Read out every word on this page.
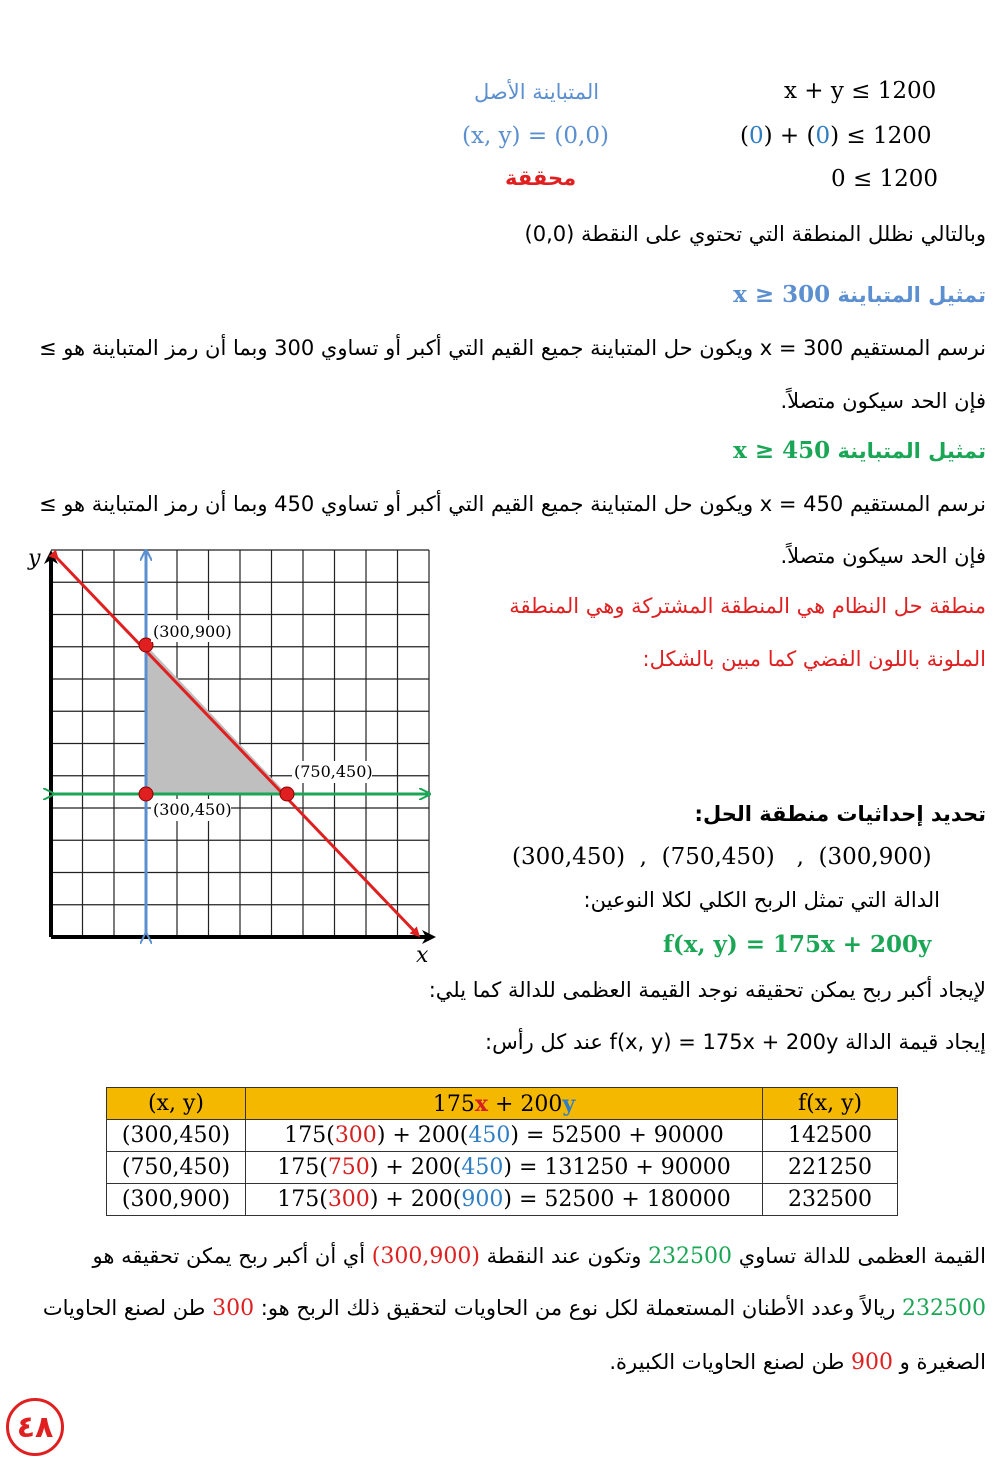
x + y ≤ 1200
المتباينة الأصل
(0) + (0) ≤ 1200
(x, y) = (0,0)
0 ≤ 1200
محققة
وبالتالي نظلل المنطقة التي تحتوي على النقطة (0,0)
تمثيل المتباينة x ≥ 300
نرسم المستقيم x = 300 ويكون حل المتباينة جميع القيم التي أكبر أو تساوي 300 وبما أن رمز المتباينة هو ≥
فإن الحد سيكون متصلاً.
تمثيل المتباينة x ≥ 450
نرسم المستقيم x = 450 ويكون حل المتباينة جميع القيم التي أكبر أو تساوي 450 وبما أن رمز المتباينة هو ≥
فإن الحد سيكون متصلاً.
منطقة حل النظام هي المنطقة المشتركة وهي المنطقة
الملونة باللون الفضي كما مبين بالشكل:
(300,900)
(750,450)
(300,450)
y
x
تحديد إحداثيات منطقة الحل:
(300,450)  ,  (750,450)   ,  (300,900)
الدالة التي تمثل الربح الكلي لكلا النوعين:
f(x, y) = 175x + 200y
لإيجاد أكبر ربح يمكن تحقيقه نوجد القيمة العظمى للدالة كما يلي:
إيجاد قيمة الدالة f(x, y) = 175x + 200y عند كل رأس:
(x, y)	175x + 200y	f(x, y)
(300,450)	175(300) + 200(450) = 52500 + 90000	142500
(750,450)	175(750) + 200(450) = 131250 + 90000	221250
(300,900)	175(300) + 200(900) = 52500 + 180000	232500
القيمة العظمى للدالة تساوي 232500 وتكون عند النقطة (300,900) أي أن أكبر ربح يمكن تحقيقه هو
232500 ريالاً وعدد الأطنان المستعملة لكل نوع من الحاويات لتحقيق ذلك الربح هو: 300 طن لصنع الحاويات
الصغيرة و 900 طن لصنع الحاويات الكبيرة.
٤٨
